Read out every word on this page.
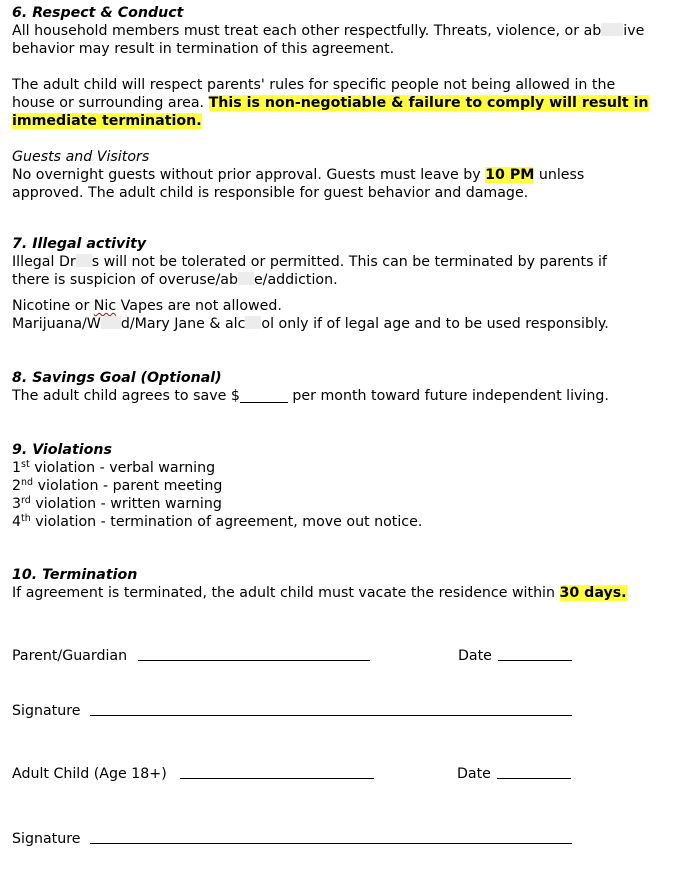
6. Respect & Conduct

All household members must treat each other respectfully. Threats, violence, or ab ive
behavior may result in termination of this agreement.

The adult child will respect parents' rules for specific people not being allowed in the
house or surrounding area. This is non-negotiable & failure to comply will result in
immediate termination.

Guests and Visitors

No overnight guests without prior approval. Guests must leave by 10 PM unless
approved. The adult child is responsible for guest behavior and damage.

7. Illegal activity

Illegal Dr s will not be tolerated or permitted. This can be terminated by parents if
there is suspicion of overuse/ab e/addiction.

Nicotine or Nic Vapes are not allowed.
Marijuana/W d/Mary Jane & alc ol only if of legal age and to be used responsibly.

8. Savings Goal (Optional)

The adult child agrees to save $	per month toward future independent living.

9. Violations

1st violation - verbal warning

2nd violation - parent meeting

3rd violation - written warning

4th violation - termination of agreement, move out notice.

10. Termination

If agreement is terminated, the adult child must vacate the residence within 30 days.

Parent/Guardian	Date
Signature
Adult Child (Age 18+)	Date
Signature
